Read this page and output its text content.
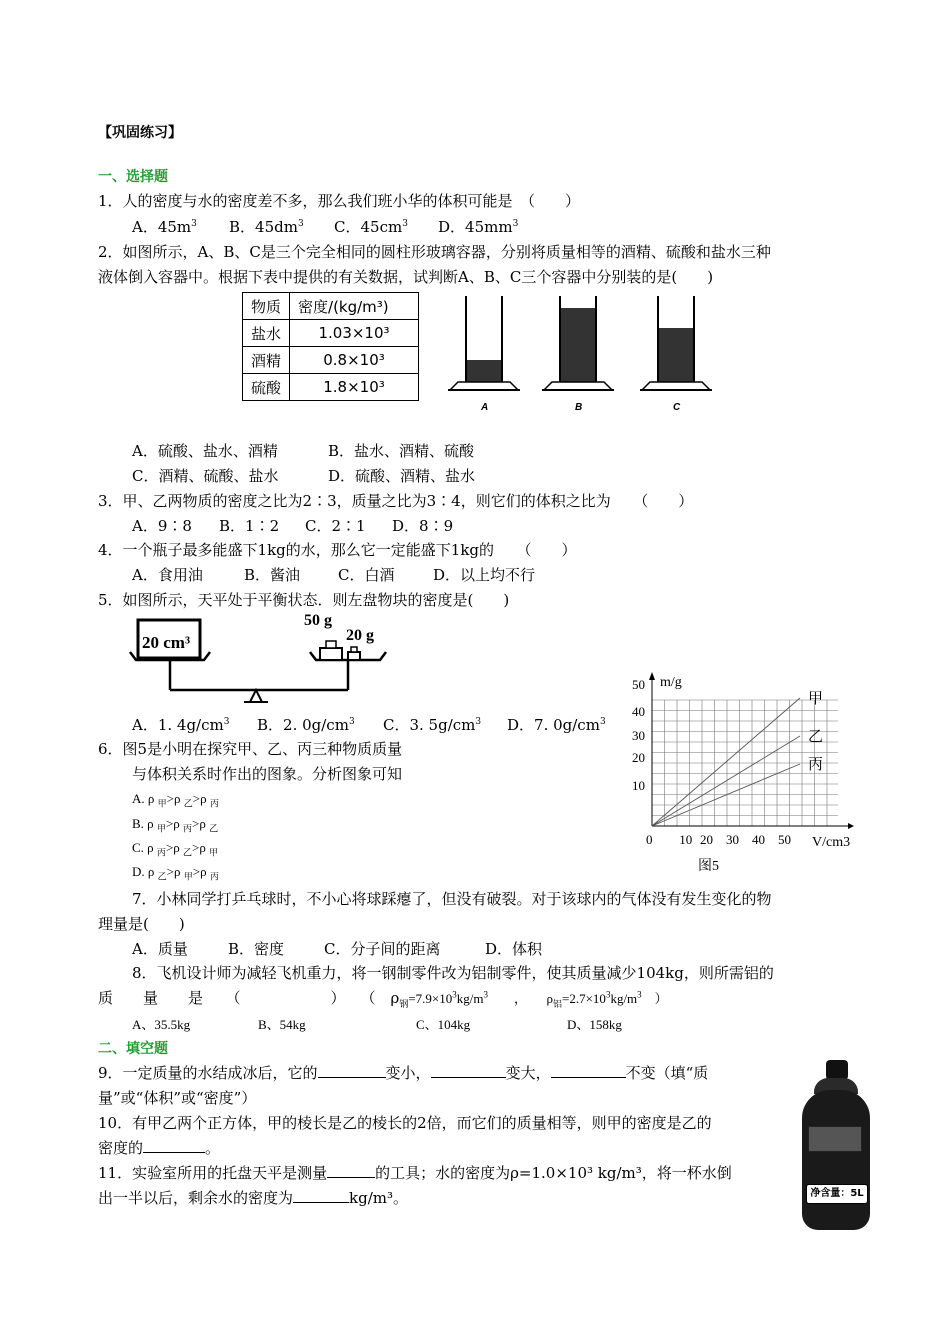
【巩固练习】
一、选择题
1．人的密度与水的密度差不多，那么我们班小华的体积可能是　（　　）
A．$45m^3$ B．$45dm^3$ C．$45cm^3$ D．$45mm^3$
2．如图所示，A、B、C是三个完全相同的圆柱形玻璃容器，分别将质量相等的酒精、硫酸和盐水三种
液体倒入容器中。根据下表中提供的有关数据，试判断A、B、C三个容器中分别装的是(　　)
物质	密度/(kg/m³)
盐水	1.03×10³
酒精	0.8×10³
硫酸	1.8×10³
A	B	C
A．硫酸、盐水、酒精	B．盐水、酒精、硫酸
C．酒精、硫酸、盐水	D．硫酸、酒精、盐水
3．甲、乙两物质的密度之比为2∶3，质量之比为3∶4，则它们的体积之比为　　（　　）
A．9∶8 B．1∶2 C．2∶1 D．8∶9
4．一个瓶子最多能盛下1kg的水，那么它一定能盛下1kg的　　（　　）
A．食用油	B．酱油	C．白酒	D．以上均不行
5．如图所示，天平处于平衡状态．则左盘物块的密度是(　　)
20 cm³
50 g
20 g
A．1. $4g/cm^3$ B．2. $0g/cm^3$ C．3. $5g/cm^3$ D．7. $0g/cm^3$
m/g
V/cm3
图5
0 10 20 30 40 50
10
20
30
40
50
甲
乙
丙
6．图5是小明在探究甲、乙、丙三种物质质量
与体积关系时作出的图象。分析图象可知
A. ρ $_甲$>ρ $_乙$>ρ $_丙$
B. ρ $_甲$>ρ $_丙$>ρ $_乙$
C. ρ $_丙$>ρ $_乙$>ρ $_甲$
D. ρ $_乙$>ρ $_甲$>ρ $_丙$
7．小林同学打乒乓球时，不小心将球踩瘪了，但没有破裂。对于该球内的气体没有发生变化的物
理量是(　　)
A．质量	B．密度	C．分子间的距离	D．体积
8．飞机设计师为减轻飞机重力，将一钢制零件改为铝制零件，使其质量减少104kg，则所需铝的
质　　量　　是　　（　　　　　　）　　（　$\rho_钢=7.9\times 10^3kg/m^3$　　，　　$\rho_铝=2.7\times 10^3kg/m^3$　）
A、35.5kg	B、54kg	C、104kg	D、158kg
二、填空题
9．一定质量的水结成冰后，它的	变小，	变大，	不变（填“质
量”或“体积”或“密度”）
10．有甲乙两个正方体，甲的棱长是乙的棱长的2倍，而它们的质量相等，则甲的密度是乙的
密度的	。
11．实验室所用的托盘天平是测量	的工具；水的密度为ρ=1.0×10³ kg/m³，将一杯水倒
出一半以后，剩余水的密度为	kg/m³。	净含量：5L
